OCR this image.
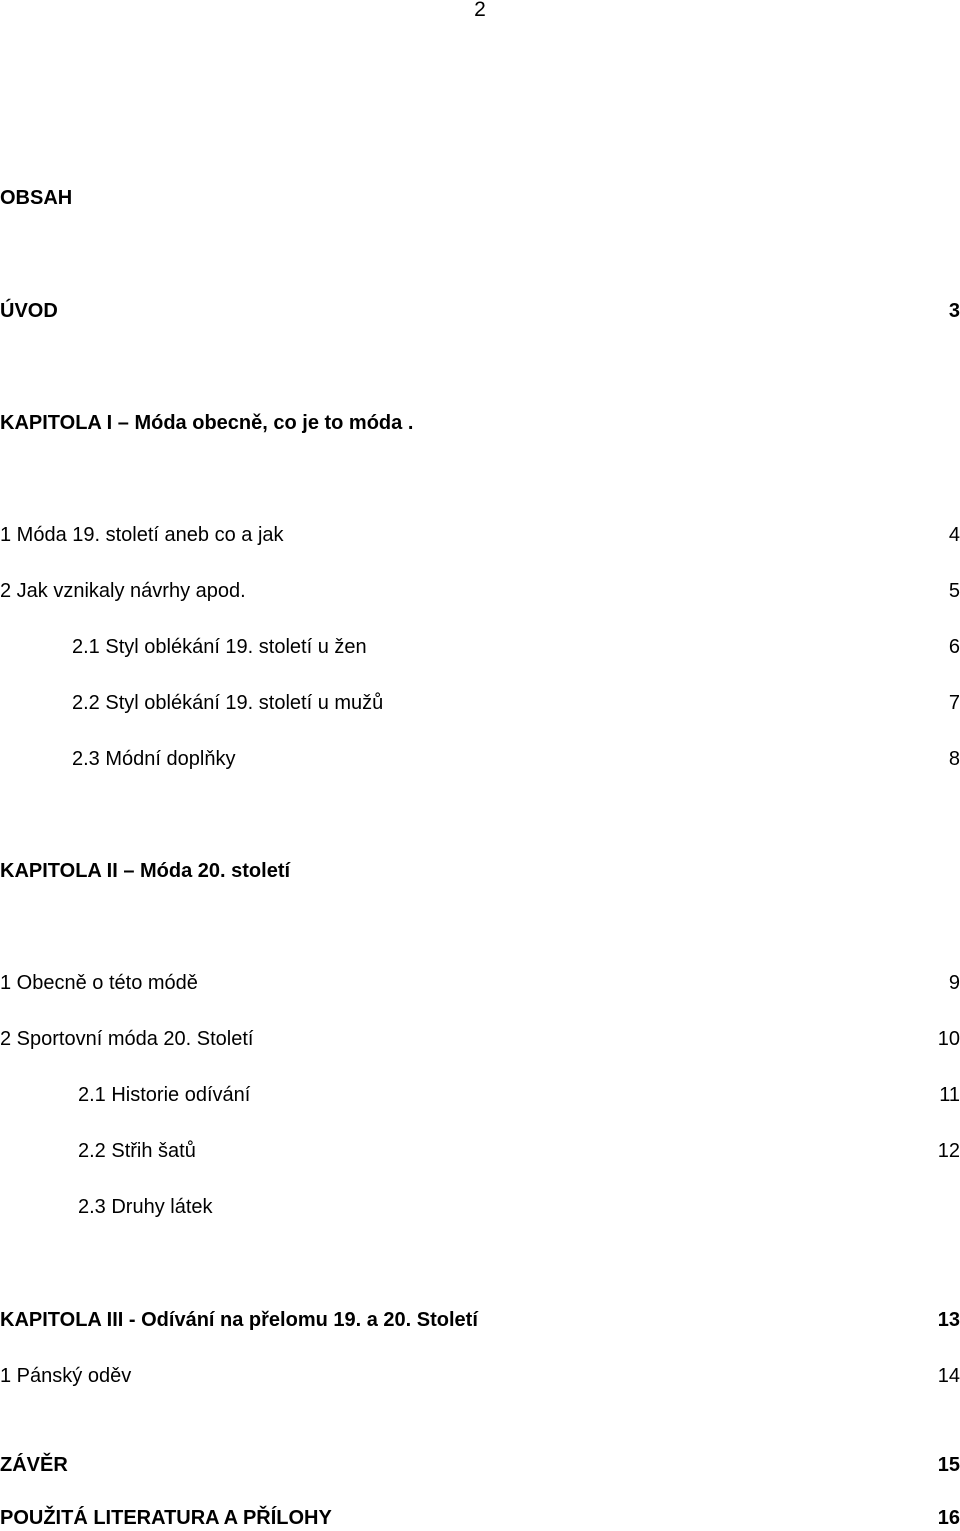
2
OBSAH
ÚVOD	3
KAPITOLA I – Móda obecně, co je to móda .
1 Móda 19. století aneb co a jak	4
2 Jak vznikaly návrhy apod.	5
2.1 Styl oblékání 19. století u žen	6
2.2 Styl oblékání 19. století u mužů	7
2.3 Módní doplňky	8
KAPITOLA II – Móda 20. století
1 Obecně o této módě	9
2 Sportovní móda 20. Století	10
2.1 Historie odívání	11
2.2 Střih šatů	12
2.3 Druhy látek
KAPITOLA III - Odívání na přelomu 19. a 20. Století	13
1 Pánský oděv	14
ZÁVĚR	15
POUŽITÁ LITERATURA A PŘÍLOHY	16
